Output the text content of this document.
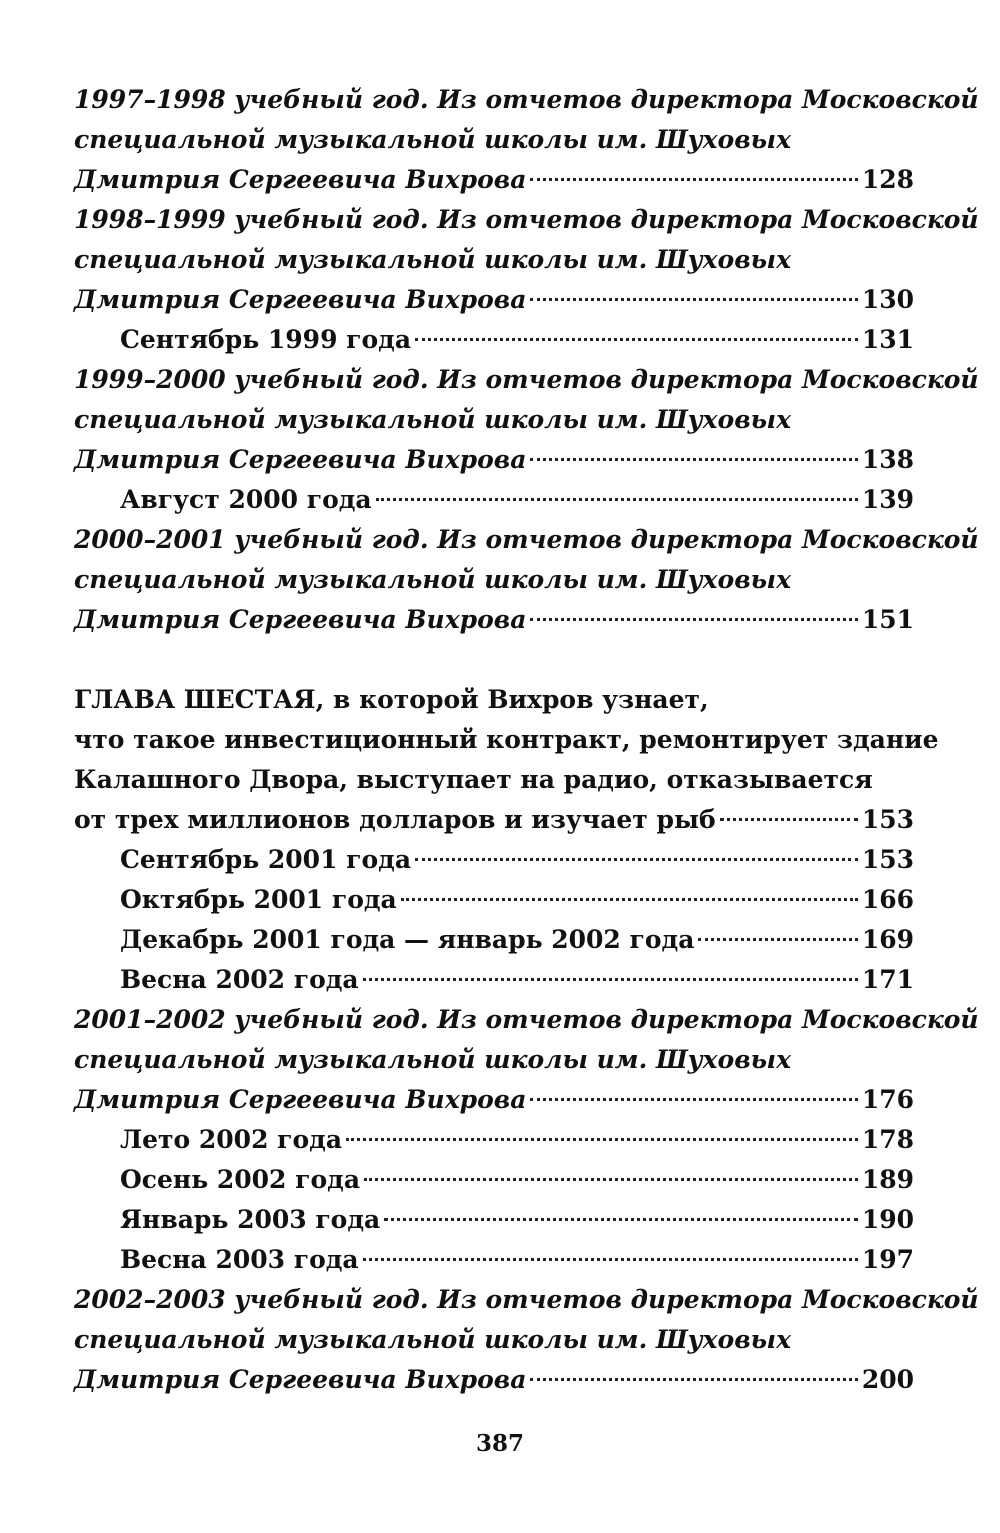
1997–1998 учебный год. Из отчетов директора Московской
специальной музыкальной школы им. Шуховых
Дмитрия Сергеевича Вихрова	128
1998–1999 учебный год. Из отчетов директора Московской
специальной музыкальной школы им. Шуховых
Дмитрия Сергеевича Вихрова	130
Сентябрь 1999 года	131
1999–2000 учебный год. Из отчетов директора Московской
специальной музыкальной школы им. Шуховых
Дмитрия Сергеевича Вихрова	138
Август 2000 года	139
2000–2001 учебный год. Из отчетов директора Московской
специальной музыкальной школы им. Шуховых
Дмитрия Сергеевича Вихрова	151
ГЛАВА ШЕСТАЯ, в которой Вихров узнает,
что такое инвестиционный контракт, ремонтирует здание
Калашного Двора, выступает на радио, отказывается
от трех миллионов долларов и изучает рыб	153
Сентябрь 2001 года	153
Октябрь 2001 года	166
Декабрь 2001 года — январь 2002 года	169
Весна 2002 года	171
2001–2002 учебный год. Из отчетов директора Московской
специальной музыкальной школы им. Шуховых
Дмитрия Сергеевича Вихрова	176
Лето 2002 года	178
Осень 2002 года	189
Январь 2003 года	190
Весна 2003 года	197
2002–2003 учебный год. Из отчетов директора Московской
специальной музыкальной школы им. Шуховых
Дмитрия Сергеевича Вихрова	200
387
